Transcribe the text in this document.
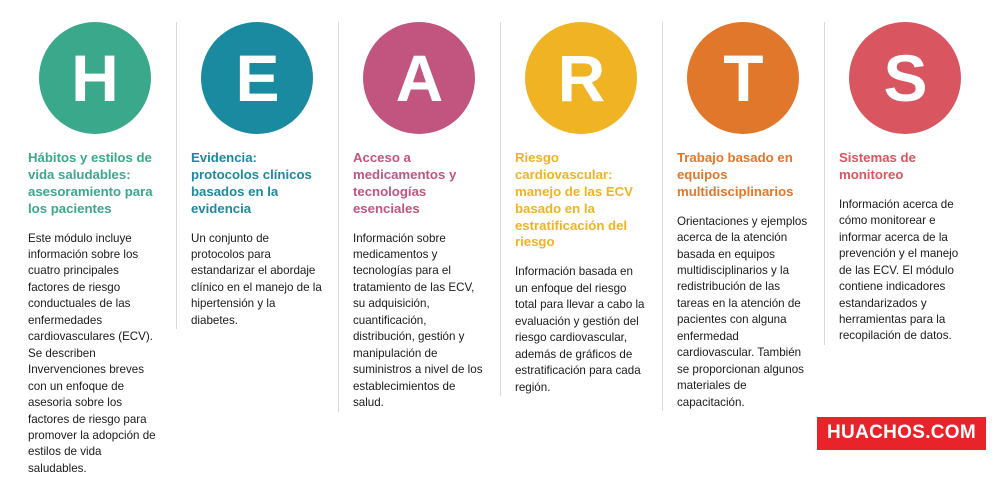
H
Hábitos y estilos de vida saludables: asesoramiento para los pacientes
Este módulo incluye información sobre los cuatro principales factores de riesgo conductuales de las enfermedades cardiovasculares (ECV). Se describen Invervenciones breves con un enfoque de asesoria sobre los factores de riesgo para promover la adopción de estilos de vida saludables.
E
Evidencia: protocolos clínicos basados en la evidencia
Un conjunto de protocolos para estandarizar el abordaje clínico en el manejo de la hipertensión y la diabetes.
A
Acceso a medicamentos y tecnologías esenciales
Información sobre medicamentos y tecnologías para el tratamiento de las ECV, su adquisición, cuantificación, distribución, gestión y manipulación de suministros a nivel de los establecimientos de salud.
R
Riesgo cardiovascular: manejo de las ECV basado en la estratificación del riesgo
Información basada en un enfoque del riesgo total para llevar a cabo la evaluación y gestión del riesgo cardiovascular, además de gráficos de estratificación para cada región.
T
Trabajo basado en equipos multidisciplinarios
Orientaciones y ejemplos acerca de la atención basada en equipos multidisciplinarios y la redistribución de las tareas en la atención de pacientes con alguna enfermedad cardiovascular. También se proporcionan algunos materiales de capacitación.
S
Sistemas de monitoreo
Información acerca de cómo monitorear e informar acerca de la prevención y el manejo de las ECV. El módulo contiene indicadores estandarizados y herramientas para la recopilación de datos.
HUACHOS.COM
